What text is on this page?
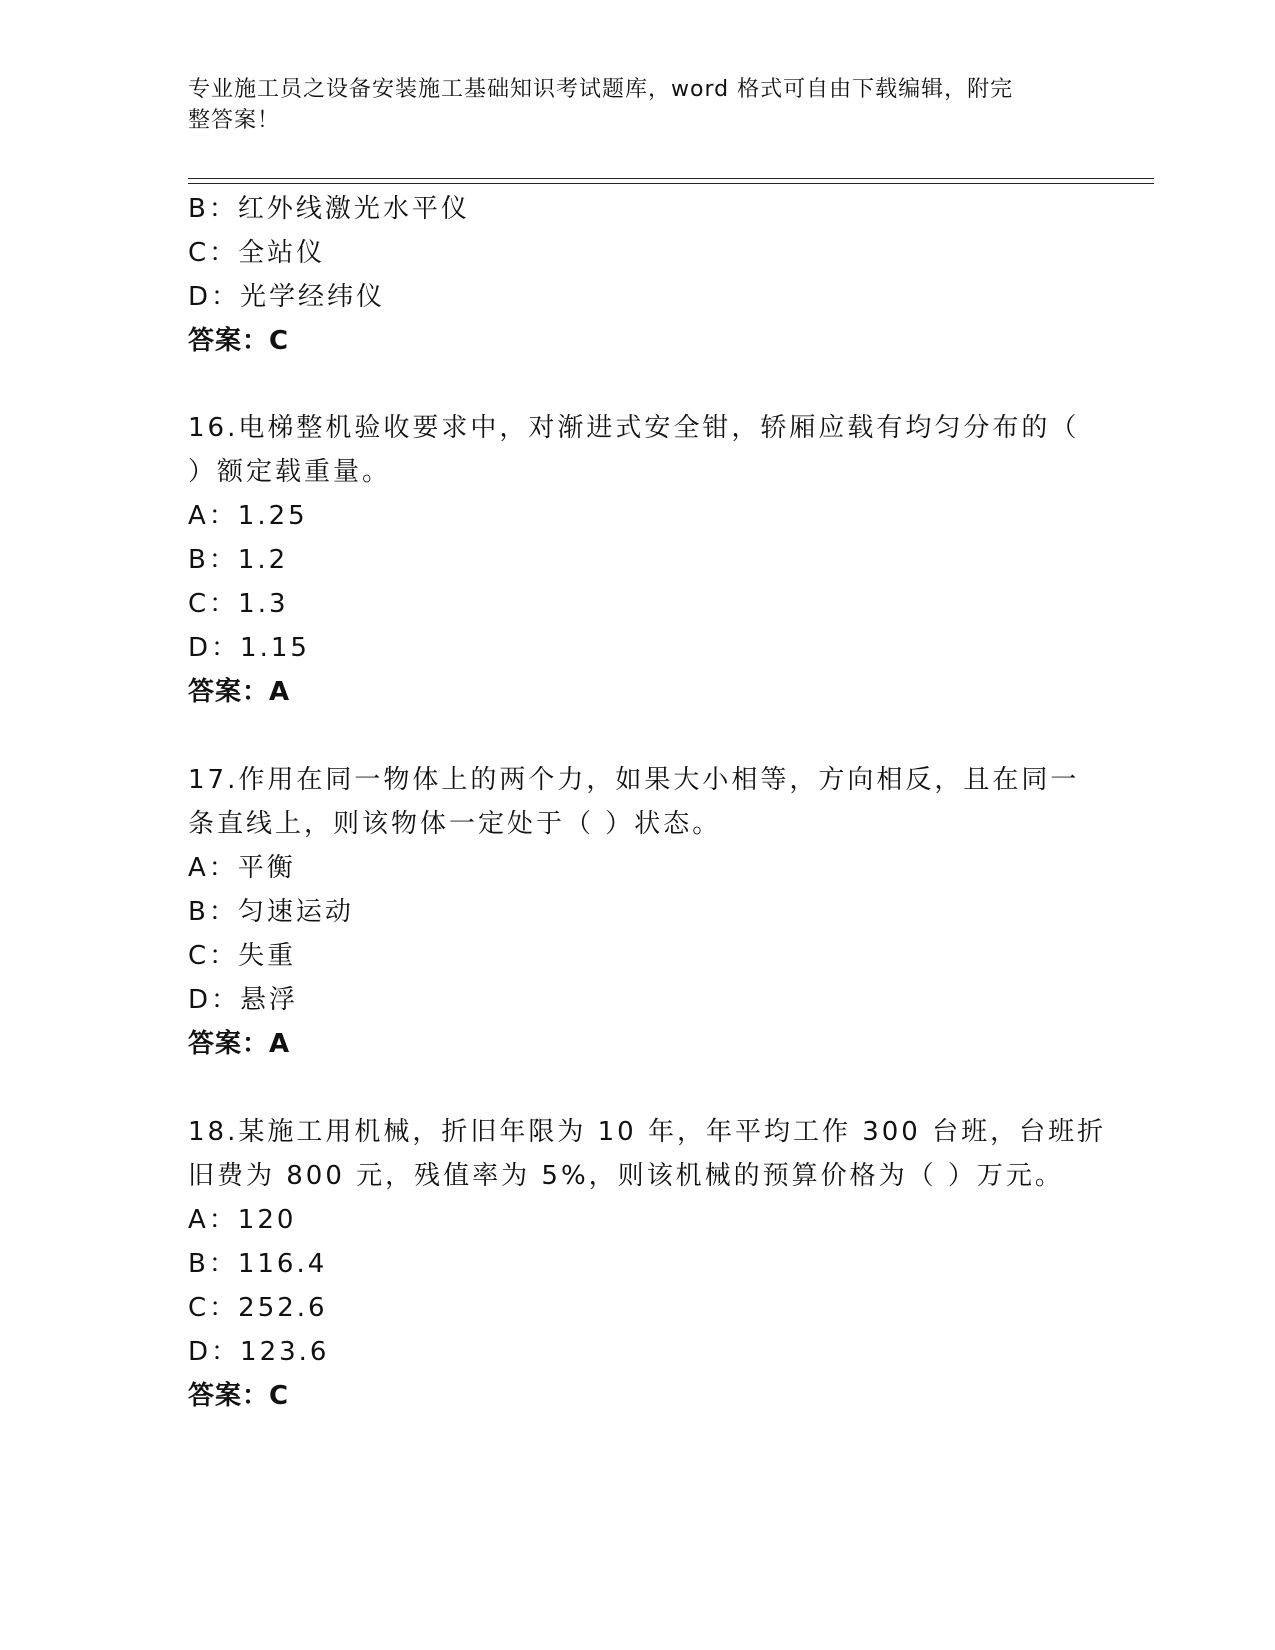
专业施工员之设备安装施工基础知识考试题库，word 格式可自由下载编辑，附完
整答案！
B：红外线激光水平仪
C：全站仪
D：光学经纬仪
答案：C
16.电梯整机验收要求中，对渐进式安全钳，轿厢应载有均匀分布的（
）额定载重量。
A：1.25
B：1.2
C：1.3
D：1.15
答案：A
17.作用在同一物体上的两个力，如果大小相等，方向相反，且在同一
条直线上，则该物体一定处于（ ）状态。
A：平衡
B：匀速运动
C：失重
D：悬浮
答案：A
18.某施工用机械，折旧年限为 10 年，年平均工作 300 台班，台班折
旧费为 800 元，残值率为 5%，则该机械的预算价格为（ ）万元。
A：120
B：116.4
C：252.6
D：123.6
答案：C
